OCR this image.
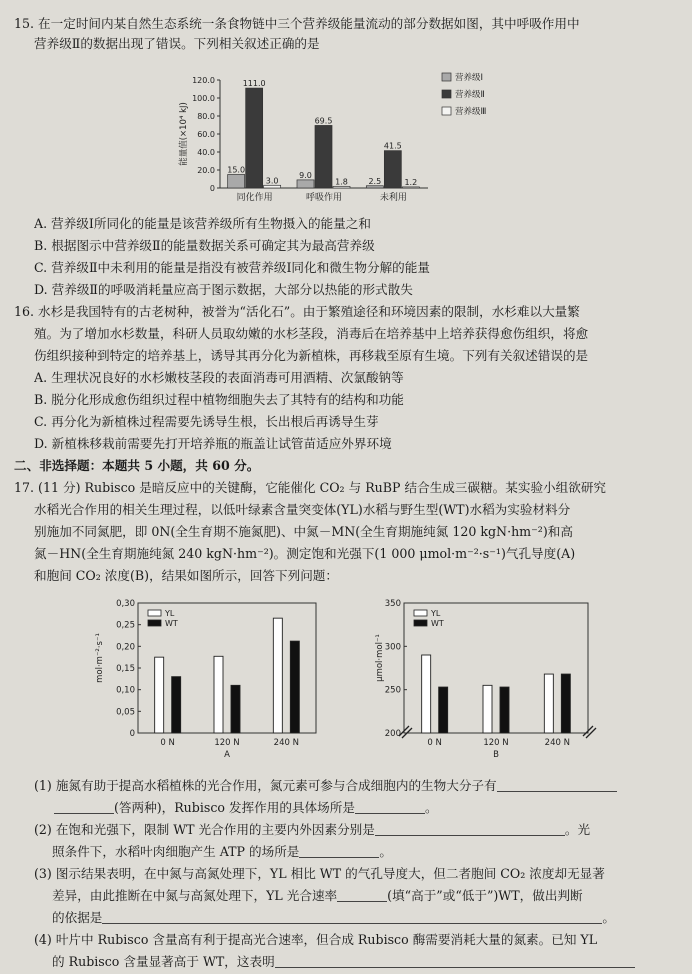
15. 在一定时间内某自然生态系统一条食物链中三个营养级能量流动的部分数据如图，其中呼吸作用中
营养级Ⅱ的数据出现了错误。下列相关叙述正确的是
0
20.0
40.0
60.0
80.0
100.0
120.0
能量值(×10⁴ kJ)
同化作用	呼吸作用	未利用
15.0
111.0
3.0
9.0
69.5
1.8	2.5
41.5
1.2
营养级Ⅰ
营养级Ⅱ
营养级Ⅲ
A. 营养级Ⅰ所同化的能量是该营养级所有生物摄入的能量之和
B. 根据图示中营养级Ⅱ的能量数据关系可确定其为最高营养级
C. 营养级Ⅱ中未利用的能量是指没有被营养级Ⅰ同化和微生物分解的能量
D. 营养级Ⅱ的呼吸消耗量应高于图示数据，大部分以热能的形式散失
16. 水杉是我国特有的古老树种，被誉为“活化石”。由于繁殖途径和环境因素的限制，水杉难以大量繁
殖。为了增加水杉数量，科研人员取幼嫩的水杉茎段，消毒后在培养基中上培养获得愈伤组织，将愈
伤组织接种到特定的培养基上，诱导其再分化为新植株，再移栽至原有生境。下列有关叙述错误的是
A. 生理状况良好的水杉嫩枝茎段的表面消毒可用酒精、次氯酸钠等
B. 脱分化形成愈伤组织过程中植物细胞失去了其特有的结构和功能
C. 再分化为新植株过程需要先诱导生根，长出根后再诱导生芽
D. 新植株移栽前需要先打开培养瓶的瓶盖让试管苗适应外界环境
二、非选择题：本题共 5 小题，共 60 分。
17. (11 分) Rubisco 是暗反应中的关键酶，它能催化 CO₂ 与 RuBP 结合生成三碳糖。某实验小组欲研究
水稻光合作用的相关生理过程，以低叶绿素含量突变体(YL)水稻与野生型(WT)水稻为实验材料分
别施加不同氮肥，即 0N(全生育期不施氮肥)、中氮－MN(全生育期施纯氮 120 kgN·hm⁻²)和高
氮－HN(全生育期施纯氮 240 kgN·hm⁻²)。测定饱和光强下(1 000 μmol·m⁻²·s⁻¹)气孔导度(A)
和胞间 CO₂ 浓度(B)，结果如图所示，回答下列问题：
0
0,05
0,10
0,15
0,20
0,25
0,30
mol·m⁻²·s⁻¹
0 N	120 N	240 N
A
YL
WT
200
250
300
350
μmol·mol⁻¹
0 N	120 N	240 N
B
YL
WT
(1) 施氮有助于提高水稻植株的光合作用，氮元素可参与合成细胞内的生物大分子有
(答两种)，Rubisco 发挥作用的具体场所是	。
(2) 在饱和光强下，限制 WT 光合作用的主要内外因素分别是	。光
照条件下，水稻叶肉细胞产生 ATP 的场所是	。
(3) 图示结果表明，在中氮与高氮处理下，YL 相比 WT 的气孔导度大，但二者胞间 CO₂ 浓度却无显著
差异，由此推断在中氮与高氮处理下，YL 光合速率	(填“高于”或“低于”)WT，做出判断
的依据是	。
(4) 叶片中 Rubisco 含量高有利于提高光合速率，但合成 Rubisco 酶需要消耗大量的氮素。已知 YL
的 Rubisco 含量显著高于 WT，这表明
